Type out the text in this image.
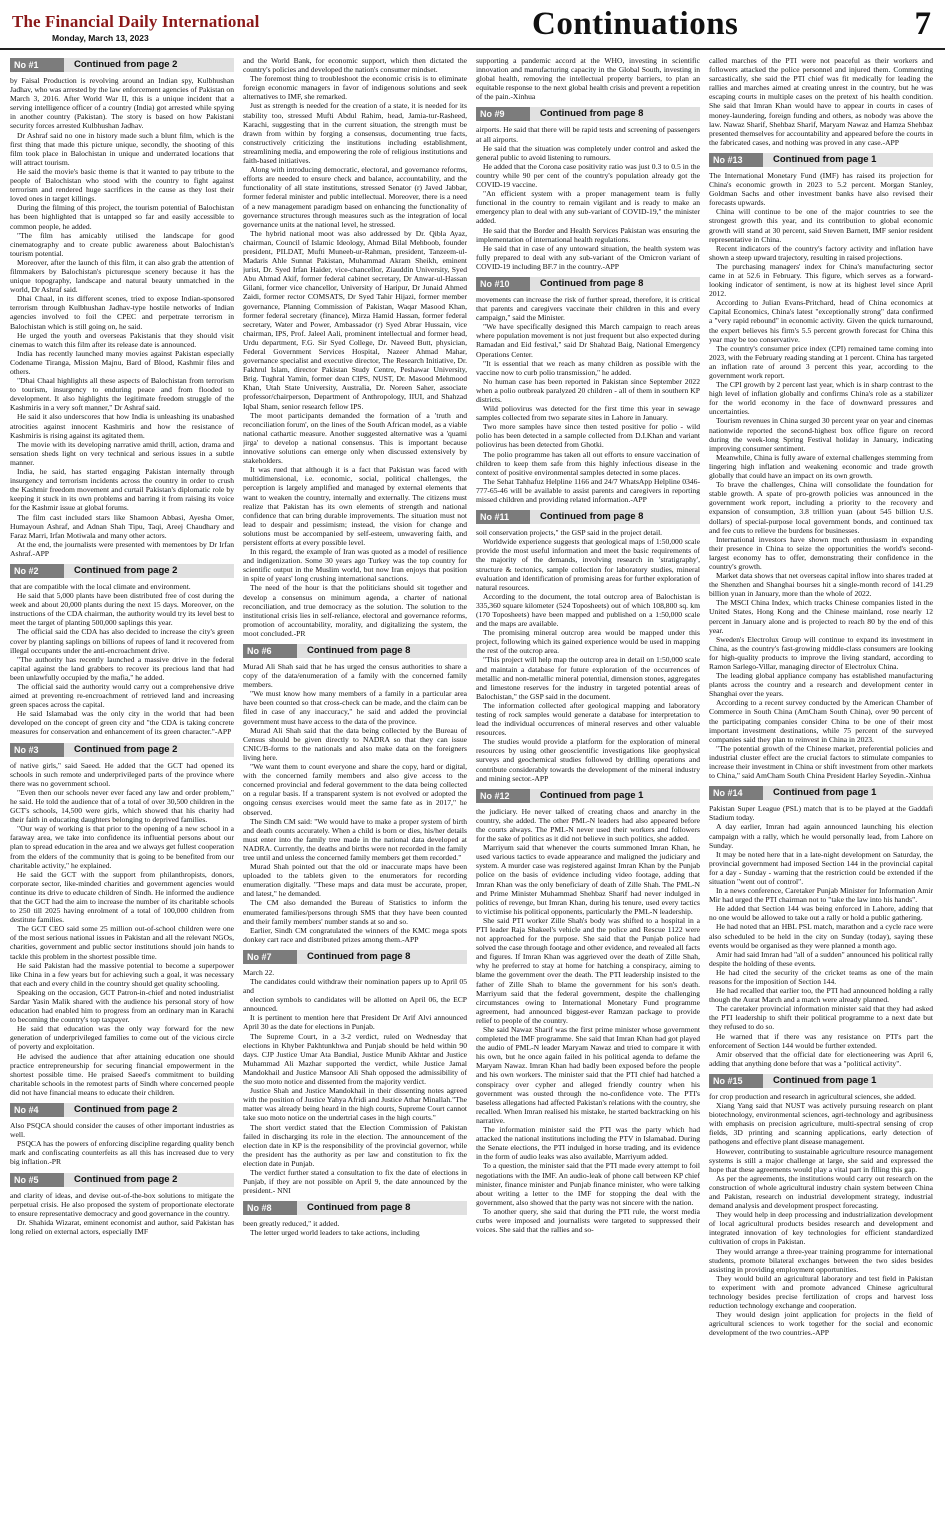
The Financial Daily International
Monday, March 13, 2023	Continuations	7
No #1	Continued from page 2

by Faisal Production is revolving around an Indian spy, Kulbhushan Jadhav, who was arrested by the law enforcement agencies of Pakistan on March 3, 2016. After World War II, this is a unique incident that a serving intelligence officer of a country (India) got arrested while spying in another country (Pakistan). The story is based on how Pakistani security forces arrested Kulbhushan Jadhav.

Dr Ashraf said no one in history made such a blunt film, which is the first thing that made this picture unique, secondly, the shooting of this film took place in Balochistan in unique and underrated locations that will attract tourism.

He said the movie's basic theme is that it wanted to pay tribute to the people of Balochistan who stood with the country to fight against terrorism and rendered huge sacrifices in the cause as they lost their loved ones in target killings.

During the filming of this project, the tourism potential of Balochistan has been highlighted that is untapped so far and easily accessible to common people, he added.

"The film has amicably utilised the landscape for good cinematography and to create public awareness about Balochistan's tourism potential.

Moreover, after the launch of this film, it can also grab the attention of filmmakers by Balochistan's picturesque scenery because it has the unique topography, landscape and natural beauty unmatched in the world, Dr Ashraf said.

Dhai Chaal, in its different scenes, tried to expose Indian-sponsored terrorism through Kulbhushan Jadhav-type hostile networks of Indian agencies involved to foil the CPEC and perpetrate terrorism in Balochistan which is still going on, he said.

He urged the youth and overseas Pakistanis that they should visit cinemas to watch this film after its release date is announced.

India has recently launched many movies against Pakistan especially Codename Tiranga, Mission Majnu, Bard of Blood, Kashmir files and others.

"Dhai Chaal highlights all these aspects of Balochistan from terrorism to tourism, insurgency to enduring peace and from flooded to development. It also highlights the legitimate freedom struggle of the Kashmiris in a very soft manner," Dr Ashraf said.

He said it also underscores that how India is unleashing its unabashed atrocities against innocent Kashmiris and how the resistance of Kashmiris is rising against its agitated them.

The movie with its developing narrative amid thrill, action, drama and sensation sheds light on very technical and serious issues in a subtle manner.

India, he said, has started engaging Pakistan internally through insurgency and terrorism incidents across the country in order to crush the Kashmir freedom movement and curtail Pakistan's diplomatic role by keeping it stuck in its own problems and barring it from raising its voice for the Kashmir issue at global forums.

The film cast included stars like Shamoon Abbasi, Ayesha Omer, Humayoun Ashraf, and Adnan Shah Tipu, Taqi, Areej Chaudhary and Faraz Marri, Irfan Motiwala and many other actors.

At the end, the journalists were presented with mementoes by Dr Irfan Ashraf.-APP

No #2	Continued from page 2

that are compatible with the local climate and environment.

He said that 5,000 plants have been distributed free of cost during the week and about 20,000 plants during the next 15 days. Moreover, on the instructions of the CDA chairman, the authority would try its level best to meet the target of planting 500,000 saplings this year.

The official said the CDA has also decided to increase the city's green cover by planting saplings on billions of rupees of land it recovered from illegal occupants under the anti-encroachment drive.

"The authority has recently launched a massive drive in the federal capital against the land grabbers to recover its precious land that had been unlawfully occupied by the mafia," he added.

The official said the authority would carry out a comprehensive drive aimed at preventing re-encroachment of retrieved land and increasing green spaces across the capital.

He said Islamabad was the only city in the world that had been developed on the concept of green city and "the CDA is taking concrete measures for conservation and enhancement of its green character."-APP

No #3	Continued from page 2

of native girls," said Saeed. He added that the GCT had opened its schools in such remote and underprivileged parts of the province where there was no government school.

"Even then our schools never ever faced any law and order problem," he said. He told the audience that of a total of over 30,500 children in the GCT's schools, 14,500 were girls, which showed that his charity had their faith in educating daughters belonging to deprived families.

"Our way of working is that prior to the opening of a new school in a faraway area, we take into confidence its influential persons about our plan to spread education in the area and we always get fullest cooperation from the elders of the community that is going to be benefited from our charitable activity," he explained.

He said the GCT with the support from philanthropists, donors, corporate sector, like-minded charities and government agencies would continue its drive to educate children of Sindh. He informed the audience that the GCT had the aim to increase the number of its charitable schools to 250 till 2025 having enrolment of a total of 100,000 children from destitute families.

The GCT CEO said some 25 million out-of-school children were one of the most serious national issues in Pakistan and all the relevant NGOs, charities, government and public sector institutions should join hands to tackle this problem in the shortest possible time.

He said Pakistan had the massive potential to become a superpower like China in a few years but for achieving such a goal, it was necessary that each and every child in the country should get quality schooling.

Speaking on the occasion, GCT Patron-in-chief and noted industrialist Sardar Yasin Malik shared with the audience his personal story of how education had enabled him to progress from an ordinary man in Karachi to becoming the country's top taxpayer.

He said that education was the only way forward for the new generation of underprivileged families to come out of the vicious circle of poverty and exploitation.

He advised the audience that after attaining education one should practice entrepreneurship for securing financial empowerment in the shortest possible time. He praised Saeed's commitment to building charitable schools in the remotest parts of Sindh where concerned people did not have financial means to educate their children.

No #4	Continued from page 2

Also PSQCA should consider the causes of other important industries as well.

PSQCA has the powers of enforcing discipline regarding quality bench mark and confiscating counterfeits as all this has increased due to very big inflation.-PR

No #5	Continued from page 2

and clarity of ideas, and devise out-of-the-box solutions to mitigate the perpetual crisis. He also proposed the system of proportionate electorate to ensure representative democracy and good governance in the country.

Dr. Shahida Wizarat, eminent economist and author, said Pakistan has long relied on external actors, especially IMF

and the World Bank, for economic support, which then dictated the country's policies and developed the nation's consumer mindset.

The foremost thing to troubleshoot the economic crisis is to eliminate foreign economic managers in favor of indigenous solutions and seek alternatives to IMF, she remarked.

Just as strength is needed for the creation of a state, it is needed for its stability too, stressed Mufti Abdul Rahim, head, Jamia-tur-Rasheed, Karachi, suggesting that in the current situation, the strength must be drawn from within by forging a consensus, documenting true facts, constructively criticizing the institutions including establishment, streamlining media, and empowering the role of religious institutions and faith-based initiatives.

Along with introducing democratic, electoral, and governance reforms, efforts are needed to ensure check and balance, accountability, and the functionality of all state institutions, stressed Senator (r) Javed Jabbar, former federal minister and public intellectual. Moreover, there is a need of a new management paradigm based on enhancing the functionality of governance structures through measures such as the integration of local governance units at the national level, he stressed.

The hybrid national moot was also addressed by Dr. Qibla Ayaz, chairman, Council of Islamic Ideology, Ahmad Bilal Mehboob, founder president, PILDAT, Mufti Muneeb-ur-Rahman, president, Tanzeem-ul-Madaris Ahle Sunnat Pakistan, Muhammad Akram Sheikh, eminent jurist, Dr. Syed Irfan Haider, vice-chancellor, Ziauddin University, Syed Abu Ahmad Akif, former federal cabinet secretary, Dr Anwar-ul-Hassan Gilani, former vice chancellor, University of Haripur, Dr Junaid Ahmed Zaidi, former rector COMSATS, Dr Syed Tahir Hijazi, former member governance, Planning Commission of Pakistan, Waqar Masood Khan, former federal secretary (finance), Mirza Hamid Hassan, former federal secretary, Water and Power, Ambassador (r) Syed Abrar Hussain, vice chairman, IPS, Prof. Jaleel Aali, prominent intellectual and former head, Urdu department, F.G. Sir Syed College, Dr. Naveed Butt, physician, Federal Government Services Hospital, Nazeer Ahmad Mahar, governance specialist and executive director, The Research Initiative, Dr. Fakhrul Islam, director Pakistan Study Centre, Peshawar University, Brig. Tughral Yamin, former dean CIPS, NUST, Dr. Masood Mehmood Khan, Utah State University, Australia, Dr. Noreen Saher, associate professor/chairperson, Department of Anthropology, IIUI, and Shahzad Iqbal Sham, senior research fellow IPS.

The moot participants demanded the formation of a 'truth and reconciliation forum', on the lines of the South African model, as a viable national cathartic measure. Another suggested alternative was a 'quami jirga' to develop a national consensus. This is important because innovative solutions can emerge only when discussed extensively by stakeholders.

It was rued that although it is a fact that Pakistan was faced with multidimensional, i.e. economic, social, political challenges, the perception is largely amplified and managed by external elements that want to weaken the country, internally and externally. The citizens must realize that Pakistan has its own elements of strength and national confidence that can bring durable improvements. The situation must not lead to despair and pessimism; instead, the vision for change and solutions must be accompanied by self-esteem, unwavering faith, and persistent efforts at every possible level.

In this regard, the example of Iran was quoted as a model of resilience and indigenization. Some 30 years ago Turkey was the top country for scientific output in the Muslim world, but now Iran enjoys that position in spite of years' long crushing international sanctions.

The need of the hour is that the politicians should sit together and develop a consensus on minimum agenda, a charter of national reconciliation, and true democracy as the solution. The solution to the institutional crisis lies in self-reliance, electoral and governance reforms, promotion of accountability, morality, and digitalizing the system, the moot concluded.-PR

No #6	Continued from page 8

Murad Ali Shah said that he has urged the census authorities to share a copy of the data/enumeration of a family with the concerned family members.

"We must know how many members of a family in a particular area have been counted so that cross-check can be made, and the claim can be filed in case of any inaccuracy," he said and added the provincial government must have access to the data of the province.

Murad Ali Shah said that the data being collected by the Bureau of Census should be given directly to NADRA so that they can issue CNIC/B-forms to the nationals and also make data on the foreigners living here.

"We want them to count everyone and share the copy, hard or digital, with the concerned family members and also give access to the concerned provincial and federal government to the data being collected on a regular basis. If a transparent system is not evolved or adopted the ongoing census exercises would meet the same fate as in 2017," he observed.

The Sindh CM said: "We would have to make a proper system of birth and death counts accurately. When a child is born or dies, his/her details must enter into the family tree made in the national data developed at NADRA. Currently, the deaths and births were not recorded in the family tree until and unless the concerned family members get them recorded."

Murad Shah pointed out that the old or inaccurate maps have been uploaded to the tablets given to the enumerators for recording enumeration digitally. "These maps and data must be accurate, proper, and latest," he demanded.

The CM also demanded the Bureau of Statistics to inform the enumerated families/persons through SMS that they have been counted and their family members' number stands at so and so.

Earlier, Sindh CM congratulated the winners of the KMC mega spots donkey cart race and distributed prizes among them.-APP

No #7	Continued from page 8

March 22.

The candidates could withdraw their nomination papers up to April 05 and

election symbols to candidates will be allotted on April 06, the ECP announced.

It is pertinent to mention here that President Dr Arif Alvi announced April 30 as the date for elections in Punjab.

The Supreme Court, in a 3-2 verdict, ruled on Wednesday that elections in Khyber Pakhtunkhwa and Punjab should be held within 90 days. CJP Justice Umar Ata Bandial, Justice Munib Akhtar and Justice Muhammad Ali Mazhar supported the verdict, while Justice Jamal Mandokhail and Justice Mansoor Ali Shah opposed the admissibility of the suo moto notice and dissented from the majority verdict.

Justice Shah and Justice Mandokhail in their dissenting notes agreed with the position of Justice Yahya Afridi and Justice Athar Minallah."The matter was already being heard in the high courts, Supreme Court cannot take suo moto notice on the undertrial cases in the high courts."

The short verdict stated that the Election Commission of Pakistan failed in discharging its role in the election. The announcement of the election date in KP is the responsibility of the provincial governor, while the president has the authority as per law and constitution to fix the election date in Punjab.

The verdict further stated a consultation to fix the date of elections in Punjab, if they are not possible on April 9, the date announced by the president.- NNI

No #8	Continued from page 8

been greatly reduced," it added.

The letter urged world leaders to take actions, including

supporting a pandemic accord at the WHO, investing in scientific innovation and manufacturing capacity in the Global South, investing in global health, removing the intellectual property barriers, to plan an equitable response to the next global health crisis and prevent a repetition of the pain.-Xinhua

No #9	Continued from page 8

airports. He said that there will be rapid tests and screening of passengers at all airports.

He said that the situation was completely under control and asked the general public to avoid listening to rumours.

He added that the Corona case positivity ratio was just 0.3 to 0.5 in the country while 90 per cent of the country's population already got the COVID-19 vaccine.

"An efficient system with a proper management team is fully functional in the country to remain vigilant and is ready to make an emergency plan to deal with any sub-variant of COVID-19," the minister added.

He said that the Border and Health Services Pakistan was ensuring the implementation of international health regulations.

He said that in case of any untoward situation, the health system was fully prepared to deal with any sub-variant of the Omicron variant of COVID-19 including BF.7 in the country.-APP

No #10	Continued from page 8

movements can increase the risk of further spread, therefore, it is critical that parents and caregivers vaccinate their children in this and every campaign," said the Minister.

"We have specifically designed this March campaign to reach areas where population movement is not just frequent but also expected during Ramadan and Eid festival," said Dr Shahzad Baig, National Emergency Operations Center.

"It is essential that we reach as many children as possible with the vaccine now to curb polio transmission," he added.

No human case has been reported in Pakistan since September 2022 when a polio outbreak paralyzed 20 children - all of them in southern KP districts.

Wild poliovirus was detected for the first time this year in sewage samples collected from two separate sites in Lahore in January.

Two more samples have since then tested positive for polio - wild polio has been detected in a sample collected from D.I.Khan and variant poliovirus has been detected from Ghotki.

The polio programme has taken all out efforts to ensure vaccination of children to keep them safe from this highly infectious disease in the context of positive environmental samples detected in some places.

The Sehat Tahhafuz Helpline 1166 and 24/7 WhatsApp Helpline 0346-777-65-46 will be available to assist parents and caregivers in reporting missed children and providing related information.-APP

No #11	Continued from page 8

soil conservation projects," the GSP said in the project detail.

Worldwide experience suggests that geological maps of 1:50,000 scale provide the most useful information and meet the basic requirements of the majority of the demands, involving research in 'stratigraphy', structure & tectonics, sample collection for laboratory studies, mineral evaluation and identification of promising areas for further exploration of natural resources.

According to the document, the total outcrop area of Balochistan is 335,360 square kilometer (524 Toposheets) out of which 108,800 sq. km (170 Toposheets) have been mapped and published on a 1:50,000 scale and the maps are available.

The promising mineral outcrop area would be mapped under this project, following which its gained experience would be used in mapping the rest of the outcrop area.

"This project will help map the outcrop area in detail on 1:50,000 scale and maintain a database for future exploration of the occurrences of metallic and non-metallic mineral potential, dimension stones, aggregates and limestone reserves for the industry in targeted potential areas of Balochistan," the GSP said in the document.

The information collected after geological mapping and laboratory testing of rock samples would generate a database for interpretation to lead the individual occurrences of mineral reserves and other valuable resources.

The studies would provide a platform for the exploration of mineral resources by using other geoscientific investigations like geophysical surveys and geochemical studies followed by drilling operations and contribute considerably towards the development of the mineral industry and mining sector.-APP

No #12	Continued from page 1

the judiciary. He never talked of creating chaos and anarchy in the country, she added. The other PML-N leaders had also appeared before the courts always. The PML-N never used their workers and followers for the sake of politics as it did not believe in such politics, she added.

Marriyum said that whenever the courts summoned Imran Khan, he used various tactics to evade appearance and maligned the judiciary and system. A murder case was registered against Imran Khan by the Punjab police on the basis of evidence including video footage, adding that Imran Khan was the only beneficiary of death of Zille Shah. The PML-N and Prime Minister Muhammad Shehbaz Sharif had never indulged in politics of revenge, but Imran Khan, during his tenure, used every tactics to victimise his political opponents, particularly the PML-N leadership.

She said PTI worker Zille Shah's body was shifted to a hospital in a PTI leader Raja Shakeel's vehicle and the police and Rescue 1122 were not approached for the purpose. She said that the Punjab police had solved the case through footage and other evidence, and revealed all facts and figures. If Imran Khan was aggrieved over the death of Zille Shah, why he preferred to stay at home for hatching a conspiracy, aiming to blame the government over the death. The PTI leadership insisted to the father of Zille Shah to blame the government for his son's death. Marriyum said that the federal government, despite the challenging circumstances owing to International Monetary Fund programme agreement, had announced biggest-ever Ramzan package to provide relief to people of the country.

She said Nawaz Sharif was the first prime minister whose government completed the IMF programme. She said that Imran Khan had got played the audio of PML-N leader Maryam Nawaz and tried to compare it with his own, but he once again failed in his political agenda to defame the Maryam Nawaz. Imran Khan had badly been exposed before the people and his own workers. The minister said that the PTI chief had hatched a conspiracy over cypher and alleged friendly country when his government was ousted through the no-confidence vote. The PTI's baseless allegations had affected Pakistan's relations with the country, she recalled. When Imran realised his mistake, he started backtracking on his narrative.

The information minister said the PTI was the party which had attacked the national institutions including the PTV in Islamabad. During the Senate elections, the PTI indulged in horse trading, and its evidence in the form of audio leaks was also available, Marriyum added.

To a question, the minister said that the PTI made every attempt to foil negotiations with the IMF. An audio-leak of phone call between KP chief minister, finance minister and Punjab finance minister, who were talking about writing a letter to the IMF for stopping the deal with the government, also showed that the party was not sincere with the nation.

To another query, she said that during the PTI rule, the worst media curbs were imposed and journalists were targeted to suppressed their voices. She said that the rallies and so-

called marches of the PTI were not peaceful as their workers and followers attacked the police personnel and injured them. Commenting sarcastically, she said the PTI chief was fit medically for leading the rallies and marches aimed at creating unrest in the country, but he was escaping courts in multiple cases on the pretext of his health condition. She said that Imran Khan would have to appear in courts in cases of money-laundering, foreign funding and others, as nobody was above the law. Nawaz Sharif, Shehbaz Sharif, Maryam Nawaz and Hamza Shehbaz presented themselves for accountability and appeared before the courts in the fabricated cases, and nothing was proved in any case.-APP

No #13	Continued from page 1

The International Monetary Fund (IMF) has raised its projection for China's economic growth in 2023 to 5.2 percent. Morgan Stanley, Goldman Sachs and other investment banks have also revised their forecasts upwards.

China will continue to be one of the major countries to see the strongest growth this year, and its contribution to global economic growth will stand at 30 percent, said Steven Barnett, IMF senior resident representative in China.

Recent indicators of the country's factory activity and inflation have shown a steep upward trajectory, resulting in raised projections.

The purchasing managers' index for China's manufacturing sector came in at 52.6 in February. This figure, which serves as a forward-looking indicator of sentiment, is now at its highest level since April 2012.

According to Julian Evans-Pritchard, head of China economics at Capital Economics, China's latest "exceptionally strong" data confirmed a "very rapid rebound" in economic activity. Given the quick turnaround, the expert believes his firm's 5.5 percent growth forecast for China this year may be too conservative.

The country's consumer price index (CPI) remained tame coming into 2023, with the February reading standing at 1 percent. China has targeted an inflation rate of around 3 percent this year, according to the government work report.

The CPI growth by 2 percent last year, which is in sharp contrast to the high level of inflation globally and confirms China's role as a stabilizer for the world economy in the face of downward pressures and uncertainties.

Tourism revenues in China surged 30 percent year on year and cinemas nationwide reported the second-highest box office figure on record during the week-long Spring Festival holiday in January, indicating improving consumer sentiment.

Meanwhile, China is fully aware of external challenges stemming from lingering high inflation and weakening economic and trade growth globally that could have an impact on its own growth.

To brave the challenges, China will consolidate the foundation for stable growth. A spate of pro-growth policies was announced in the government work report, including a priority to the recovery and expansion of consumption, 3.8 trillion yuan (about 545 billion U.S. dollars) of special-purpose local government bonds, and continued tax and fee cuts to relieve the burdens for businesses.

International investors have shown much enthusiasm in expanding their presence in China to seize the opportunities the world's second-largest economy has to offer, demonstrating their confidence in the country's growth.

Market data shows that net overseas capital inflow into shares traded at the Shenzhen and Shanghai bourses hit a single-month record of 141.29 billion yuan in January, more than the whole of 2022.

The MSCI China Index, which tracks Chinese companies listed in the United States, Hong Kong and the Chinese mainland, rose nearly 12 percent in January alone and is projected to reach 80 by the end of this year.

Sweden's Electrolux Group will continue to expand its investment in China, as the country's fast-growing middle-class consumers are looking for high-quality products to improve the living standard, according to Ramon Sarlego-Villar, managing director of Electrolux China.

The leading global appliance company has established manufacturing plants across the country and a research and development center in Shanghai over the years.

According to a recent survey conducted by the American Chamber of Commerce in South China (AmCham South China), over 90 percent of the participating companies consider China to be one of their most important investment destinations, while 75 percent of the surveyed companies said they plan to reinvest in China in 2023.

"The potential growth of the Chinese market, preferential policies and industrial cluster effect are the crucial factors to stimulate companies to increase their investment in China or shift investment from other markets to China," said AmCham South China President Harley Seyedin.-Xinhua

No #14	Continued from page 1

Pakistan Super League (PSL) match that is to be played at the Gaddafi Stadium today.

A day earlier, Imran had again announced launching his election campaign with a rally, which he would personally lead, from Lahore on Sunday.

It may be noted here that in a late-night development on Saturday, the provincial government had imposed Section 144 in the provincial capital for a day - Sunday - warning that the restriction could be extended if the situation "went out of control".

In a news conference, Caretaker Punjab Minister for Information Amir Mir had urged the PTI chairman not to "take the law into his hands".

He added that Section 144 was being enforced in Lahore, adding that no one would be allowed to take out a rally or hold a public gathering.

He had noted that an HBL PSL match, marathon and a cycle race were also scheduled to be held in the city on Sunday (today), saying these events would be organised as they were planned a month ago.

Amir had said Imran had "all of a sudden" announced his political rally despite the holding of these events.

He had cited the security of the cricket teams as one of the main reasons for the imposition of Section 144.

He had recalled that earlier too, the PTI had announced holding a rally though the Aurat March and a match were already planned.

The caretaker provincial information minister said that they had asked the PTI leadership to shift their political programme to a next date but they refused to do so.

He warned that if there was any resistance on PTI's part the enforcement of Section 144 would be further extended.

Amir observed that the official date for electioneering was April 6, adding that anything done before that was a "political activity".

No #15	Continued from page 1

for crop production and research in agricultural sciences, she added.

Xiang Yang said that NUST was actively pursuing research on plant biotechnology, environmental sciences, agri-technology and agribusiness with emphasis on precision agriculture, multi-spectral sensing of crop fields, 3D printing and scanning applications, early detection of pathogens and effective plant disease management.

However, contributing to sustainable agriculture resource management systems is still a major challenge at large, she said and expressed the hope that these agreements would play a vital part in filling this gap.

As per the agreements, the institutions would carry out research on the construction of whole agricultural industry chain system between China and Pakistan, research on industrial development strategy, industrial demand analysis and development prospect forecasting.

They would help in deep processing and industrialization development of local agricultural products besides research and development and integrated innovation of key technologies for efficient standardized cultivation of crops in Pakistan.

They would arrange a three-year training programme for international students, promote bilateral exchanges between the two sides besides assisting in providing employment opportunities.

They would build an agricultural laboratory and test field in Pakistan to experiment with and promote advanced Chinese agricultural technology besides precise fertilization of crops and harvest loss reduction technology exchange and cooperation.

They would design joint application for projects in the field of agricultural sciences to work together for the social and economic development of the two countries.-APP
